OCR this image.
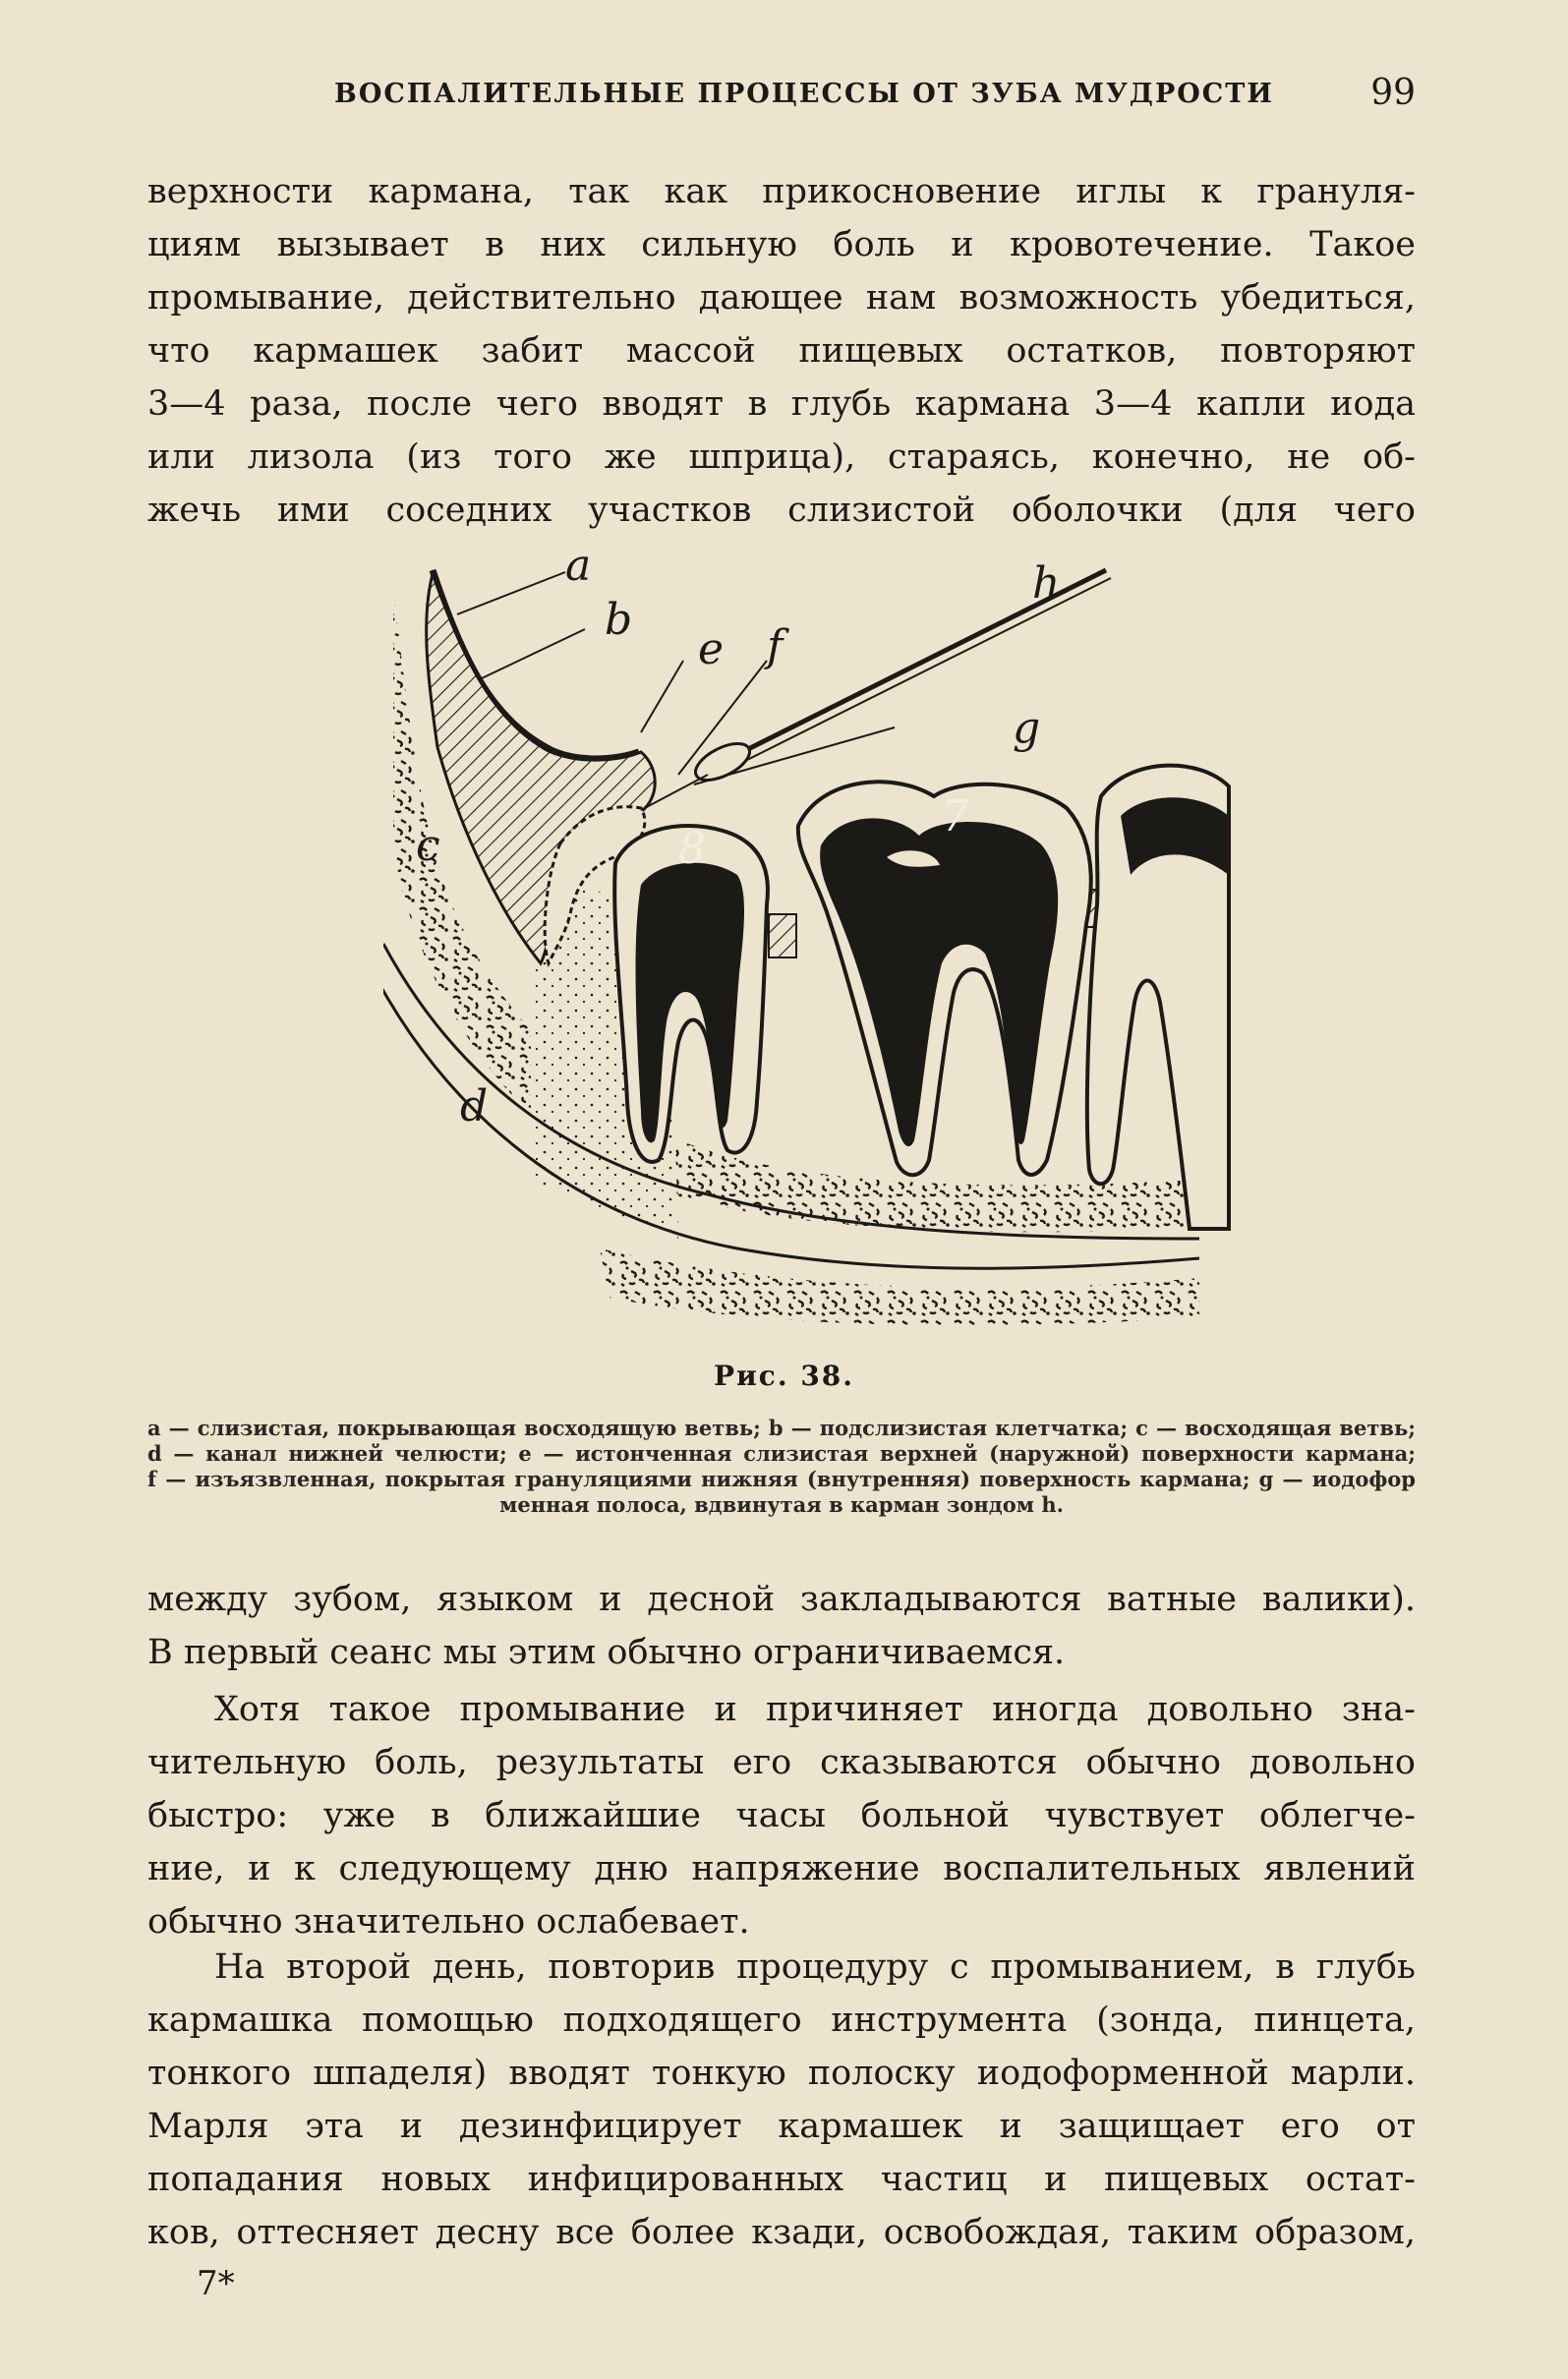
ВОСПАЛИТЕЛЬНЫЕ ПРОЦЕССЫ ОТ ЗУБА МУДРОСТИ	99
верхности кармана, так как прикосновение иглы к грануля-
циям вызывает в них сильную боль и кровотечение. Такое
промывание, действительно дающее нам возможность убедиться,
что кармашек забит массой пищевых остатков, повторяют
3—4 раза, после чего вводят в глубь кармана 3—4 капли иода
или лизола (из того же шприца), стараясь, конечно, не об-
жечь ими соседних участков слизистой оболочки (для чего
8
7
a
b
c
d
e f
g
h
Рис. 38.
a — слизистая, покрывающая восходящую ветвь; b — подслизистая клетчатка; c — восходящая ветвь;
d — канал нижней челюсти; e — истонченная слизистая верхней (наружной) поверхности кармана;
f — изъязвленная, покрытая грануляциями нижняя (внутренняя) поверхность кармана; g — иодофор
менная полоса, вдвинутая в карман зондом h.
между зубом, языком и десной закладываются ватные валики).
В первый сеанс мы этим обычно ограничиваемся.
Хотя такое промывание и причиняет иногда довольно зна-
чительную боль, результаты его сказываются обычно довольно
быстро: уже в ближайшие часы больной чувствует облегче-
ние, и к следующему дню напряжение воспалительных явлений
обычно значительно ослабевает.
На второй день, повторив процедуру с промыванием, в глубь
кармашка помощью подходящего инструмента (зонда, пинцета,
тонкого шпаделя) вводят тонкую полоску иодоформенной марли.
Марля эта и дезинфицирует кармашек и защищает его от
попадания новых инфицированных частиц и пищевых остат-
ков, оттесняет десну все более кзади, освобождая, таким образом,
7*
